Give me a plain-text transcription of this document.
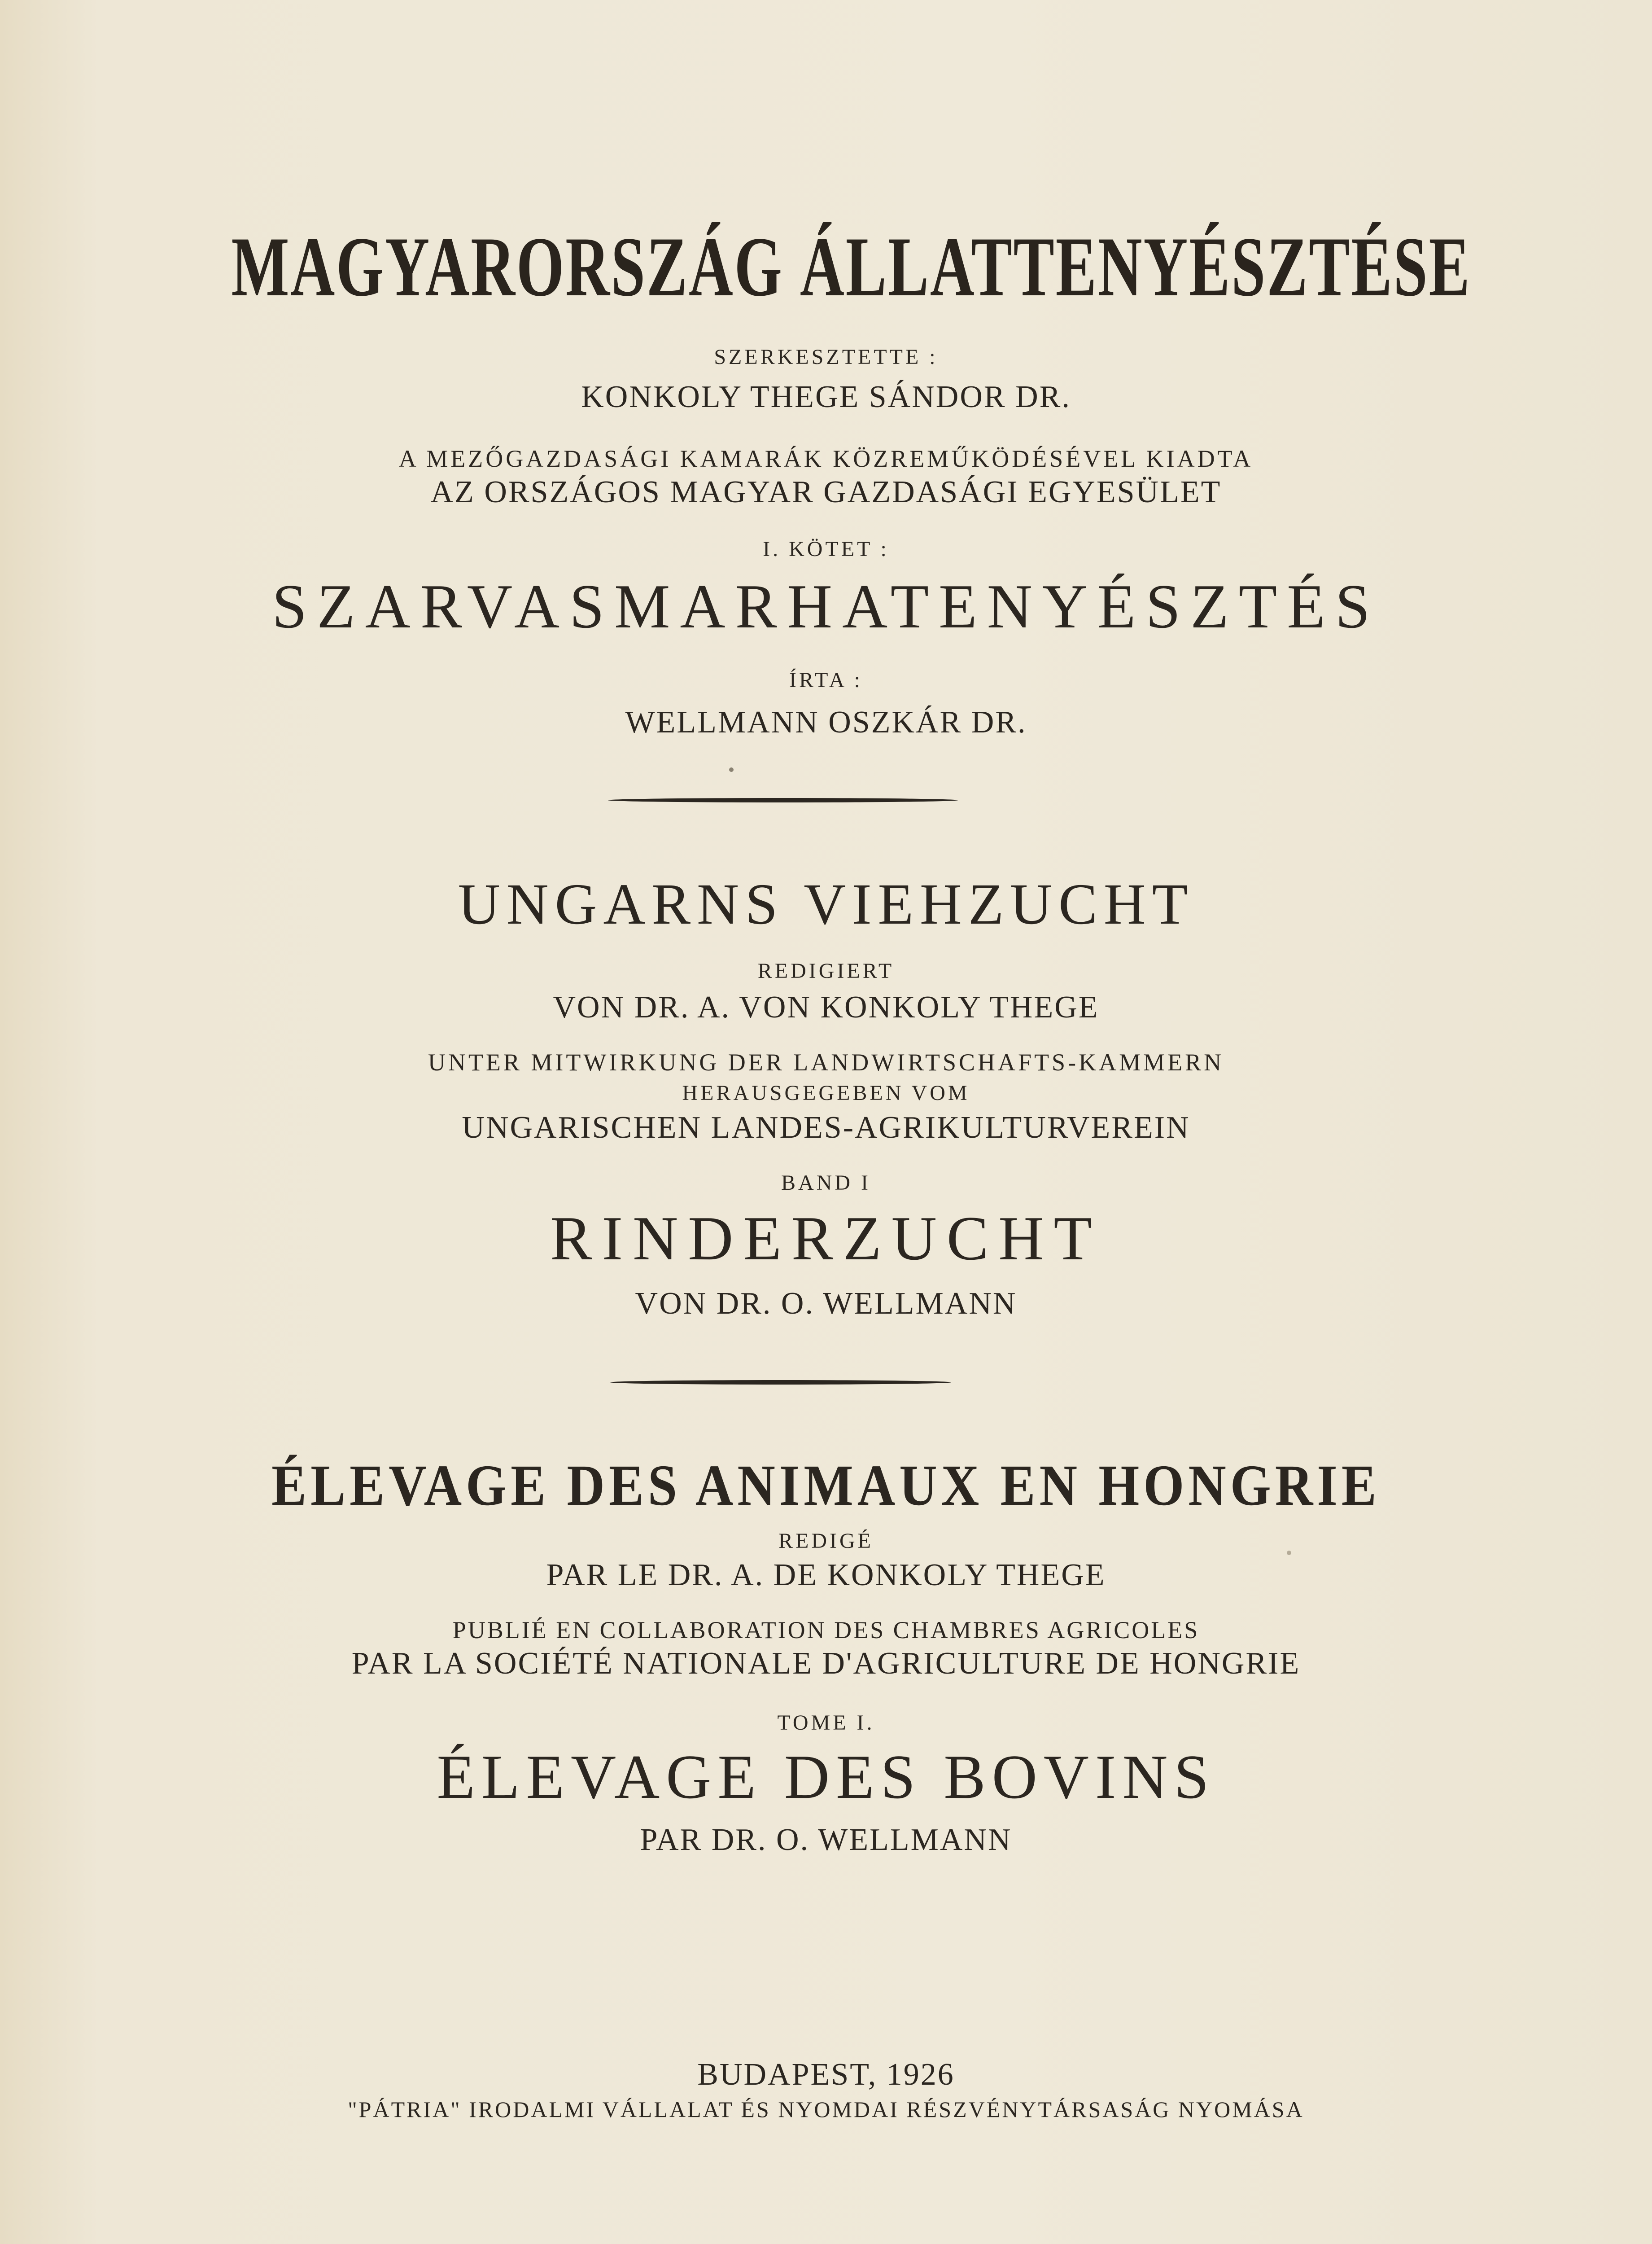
MAGYARORSZÁG ÁLLATTENYÉSZTÉSE
SZERKESZTETTE :
KONKOLY THEGE SÁNDOR DR.
A MEZŐGAZDASÁGI KAMARÁK KÖZREMŰKÖDÉSÉVEL KIADTA
AZ ORSZÁGOS MAGYAR GAZDASÁGI EGYESÜLET
I. KÖTET :
SZARVASMARHATENYÉSZTÉS
ÍRTA :
WELLMANN OSZKÁR DR.
UNGARNS VIEHZUCHT
REDIGIERT
VON DR. A. VON KONKOLY THEGE
UNTER MITWIRKUNG DER LANDWIRTSCHAFTS-KAMMERN
HERAUSGEGEBEN VOM
UNGARISCHEN LANDES-AGRIKULTURVEREIN
BAND I
RINDERZUCHT
VON DR. O. WELLMANN
ÉLEVAGE DES ANIMAUX EN HONGRIE
REDIGÉ
PAR LE DR. A. DE KONKOLY THEGE
PUBLIÉ EN COLLABORATION DES CHAMBRES AGRICOLES
PAR LA SOCIÉTÉ NATIONALE D'AGRICULTURE DE HONGRIE
TOME I.
ÉLEVAGE DES BOVINS
PAR DR. O. WELLMANN
BUDAPEST, 1926
"PÁTRIA" IRODALMI VÁLLALAT ÉS NYOMDAI RÉSZVÉNYTÁRSASÁG NYOMÁSA
